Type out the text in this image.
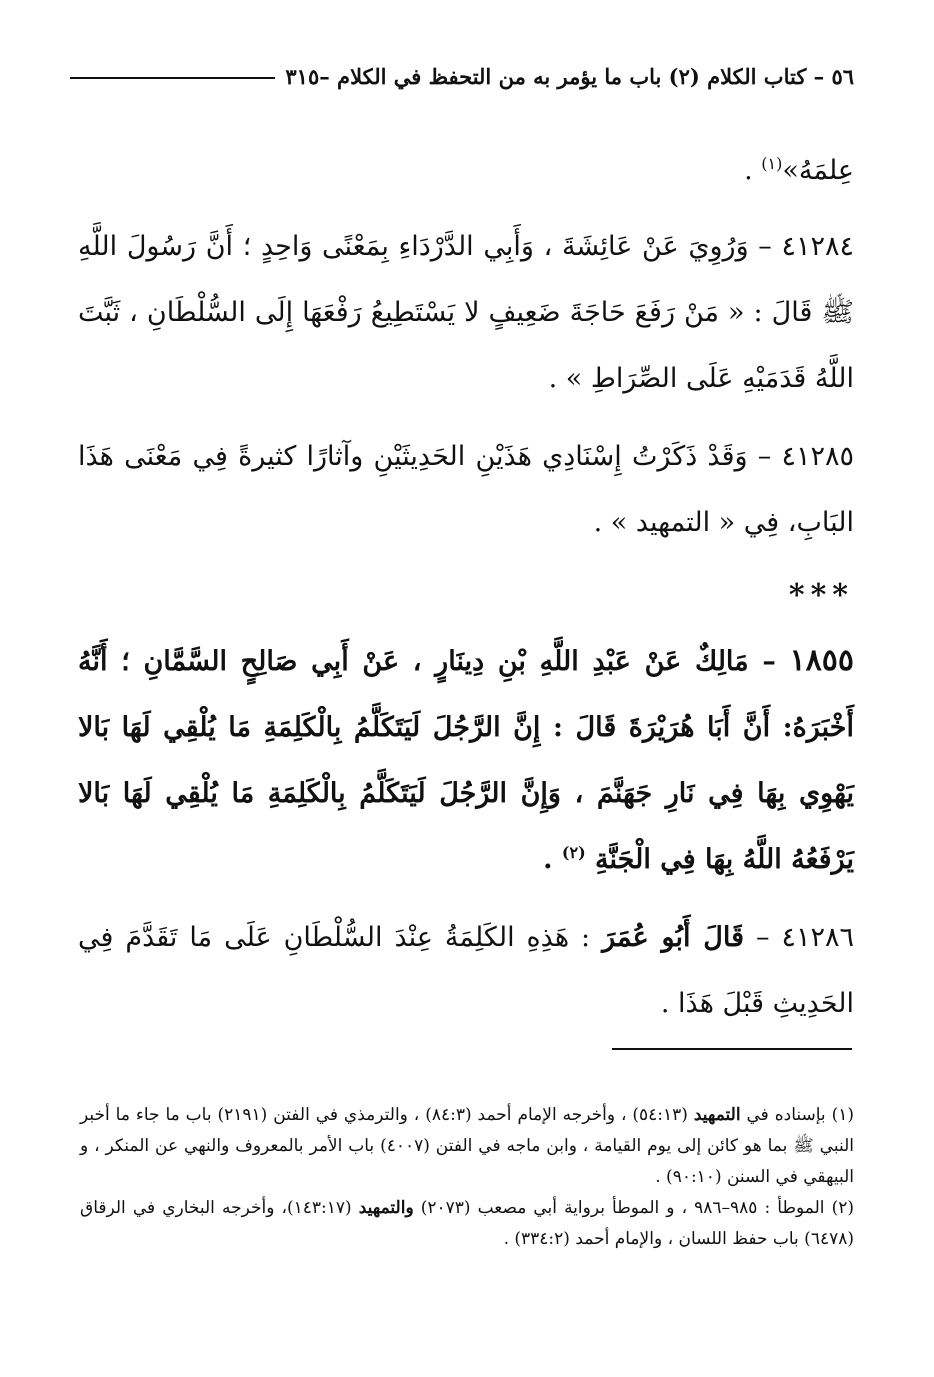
٥٦ – كتاب الكلام (٢) باب ما يؤمر به من التحفظ في الكلام –٣١٥

عِلمَهُ»$^{(١)}$ .

٤١٢٨٤ – وَرُوِيَ عَنْ عَائِشَةَ ، وَأَبِي الدَّرْدَاءِ بِمَعْنًى وَاحِدٍ ؛ أَنَّ رَسُولَ اللَّهِ ﷺ قَالَ : « مَنْ رَفَعَ حَاجَةَ ضَعِيفٍ لا يَسْتَطِيعُ رَفْعَهَا إِلَى السُّلْطَانِ ، ثَبَّتَ اللَّهُ قَدَمَيْهِ عَلَى الصِّرَاطِ » .

٤١٢٨٥ – وَقَدْ ذَكَرْتُ إِسْنَادِي هَذَيْنِ الحَدِيثَيْنِ وآثارًا كثيرةً فِي مَعْنَى هَذَا البَابِ، فِي « التمهيد » .

***

١٨٥٥ – مَالِكٌ عَنْ عَبْدِ اللَّهِ بْنِ دِينَارٍ ، عَنْ أَبِي صَالِحٍ السَّمَّانِ ؛ أَنَّهُ أَخْبَرَهُ: أَنَّ أَبَا هُرَيْرَةَ قَالَ : إِنَّ الرَّجُلَ لَيَتَكَلَّمُ بِالْكَلِمَةِ مَا يُلْقِي لَهَا بَالا يَهْوِي بِهَا فِي نَارِ جَهَنَّمَ ، وَإِنَّ الرَّجُلَ لَيَتَكَلَّمُ بِالْكَلِمَةِ مَا يُلْقِي لَهَا بَالا يَرْفَعُهُ اللَّهُ بِهَا فِي الْجَنَّةِ $^{(٢)}$ .

٤١٢٨٦ – قَالَ أَبُو عُمَرَ : هَذِهِ الكَلِمَةُ عِنْدَ السُّلْطَانِ عَلَى مَا تَقَدَّمَ فِي الحَدِيثِ قَبْلَ هَذَا .

(١) بإسناده في التمهيد (٥٤:١٣) ، وأخرجه الإمام أحمد (٨٤:٣) ، والترمذي في الفتن (٢١٩١) باب ما جاء ما أخبر النبي ﷺ بما هو كائن إلى يوم القيامة ، وابن ماجه في الفتن (٤٠٠٧) باب الأمر بالمعروف والنهي عن المنكر ، و البيهقي في السنن (٩٠:١٠) .

(٢) الموطأ : ٩٨٥–٩٨٦ ، و الموطأ برواية أبي مصعب (٢٠٧٣) والتمهيد (١٤٣:١٧)، وأخرجه البخاري في الرقاق (٦٤٧٨) باب حفظ اللسان ، والإمام أحمد (٣٣٤:٢) .
